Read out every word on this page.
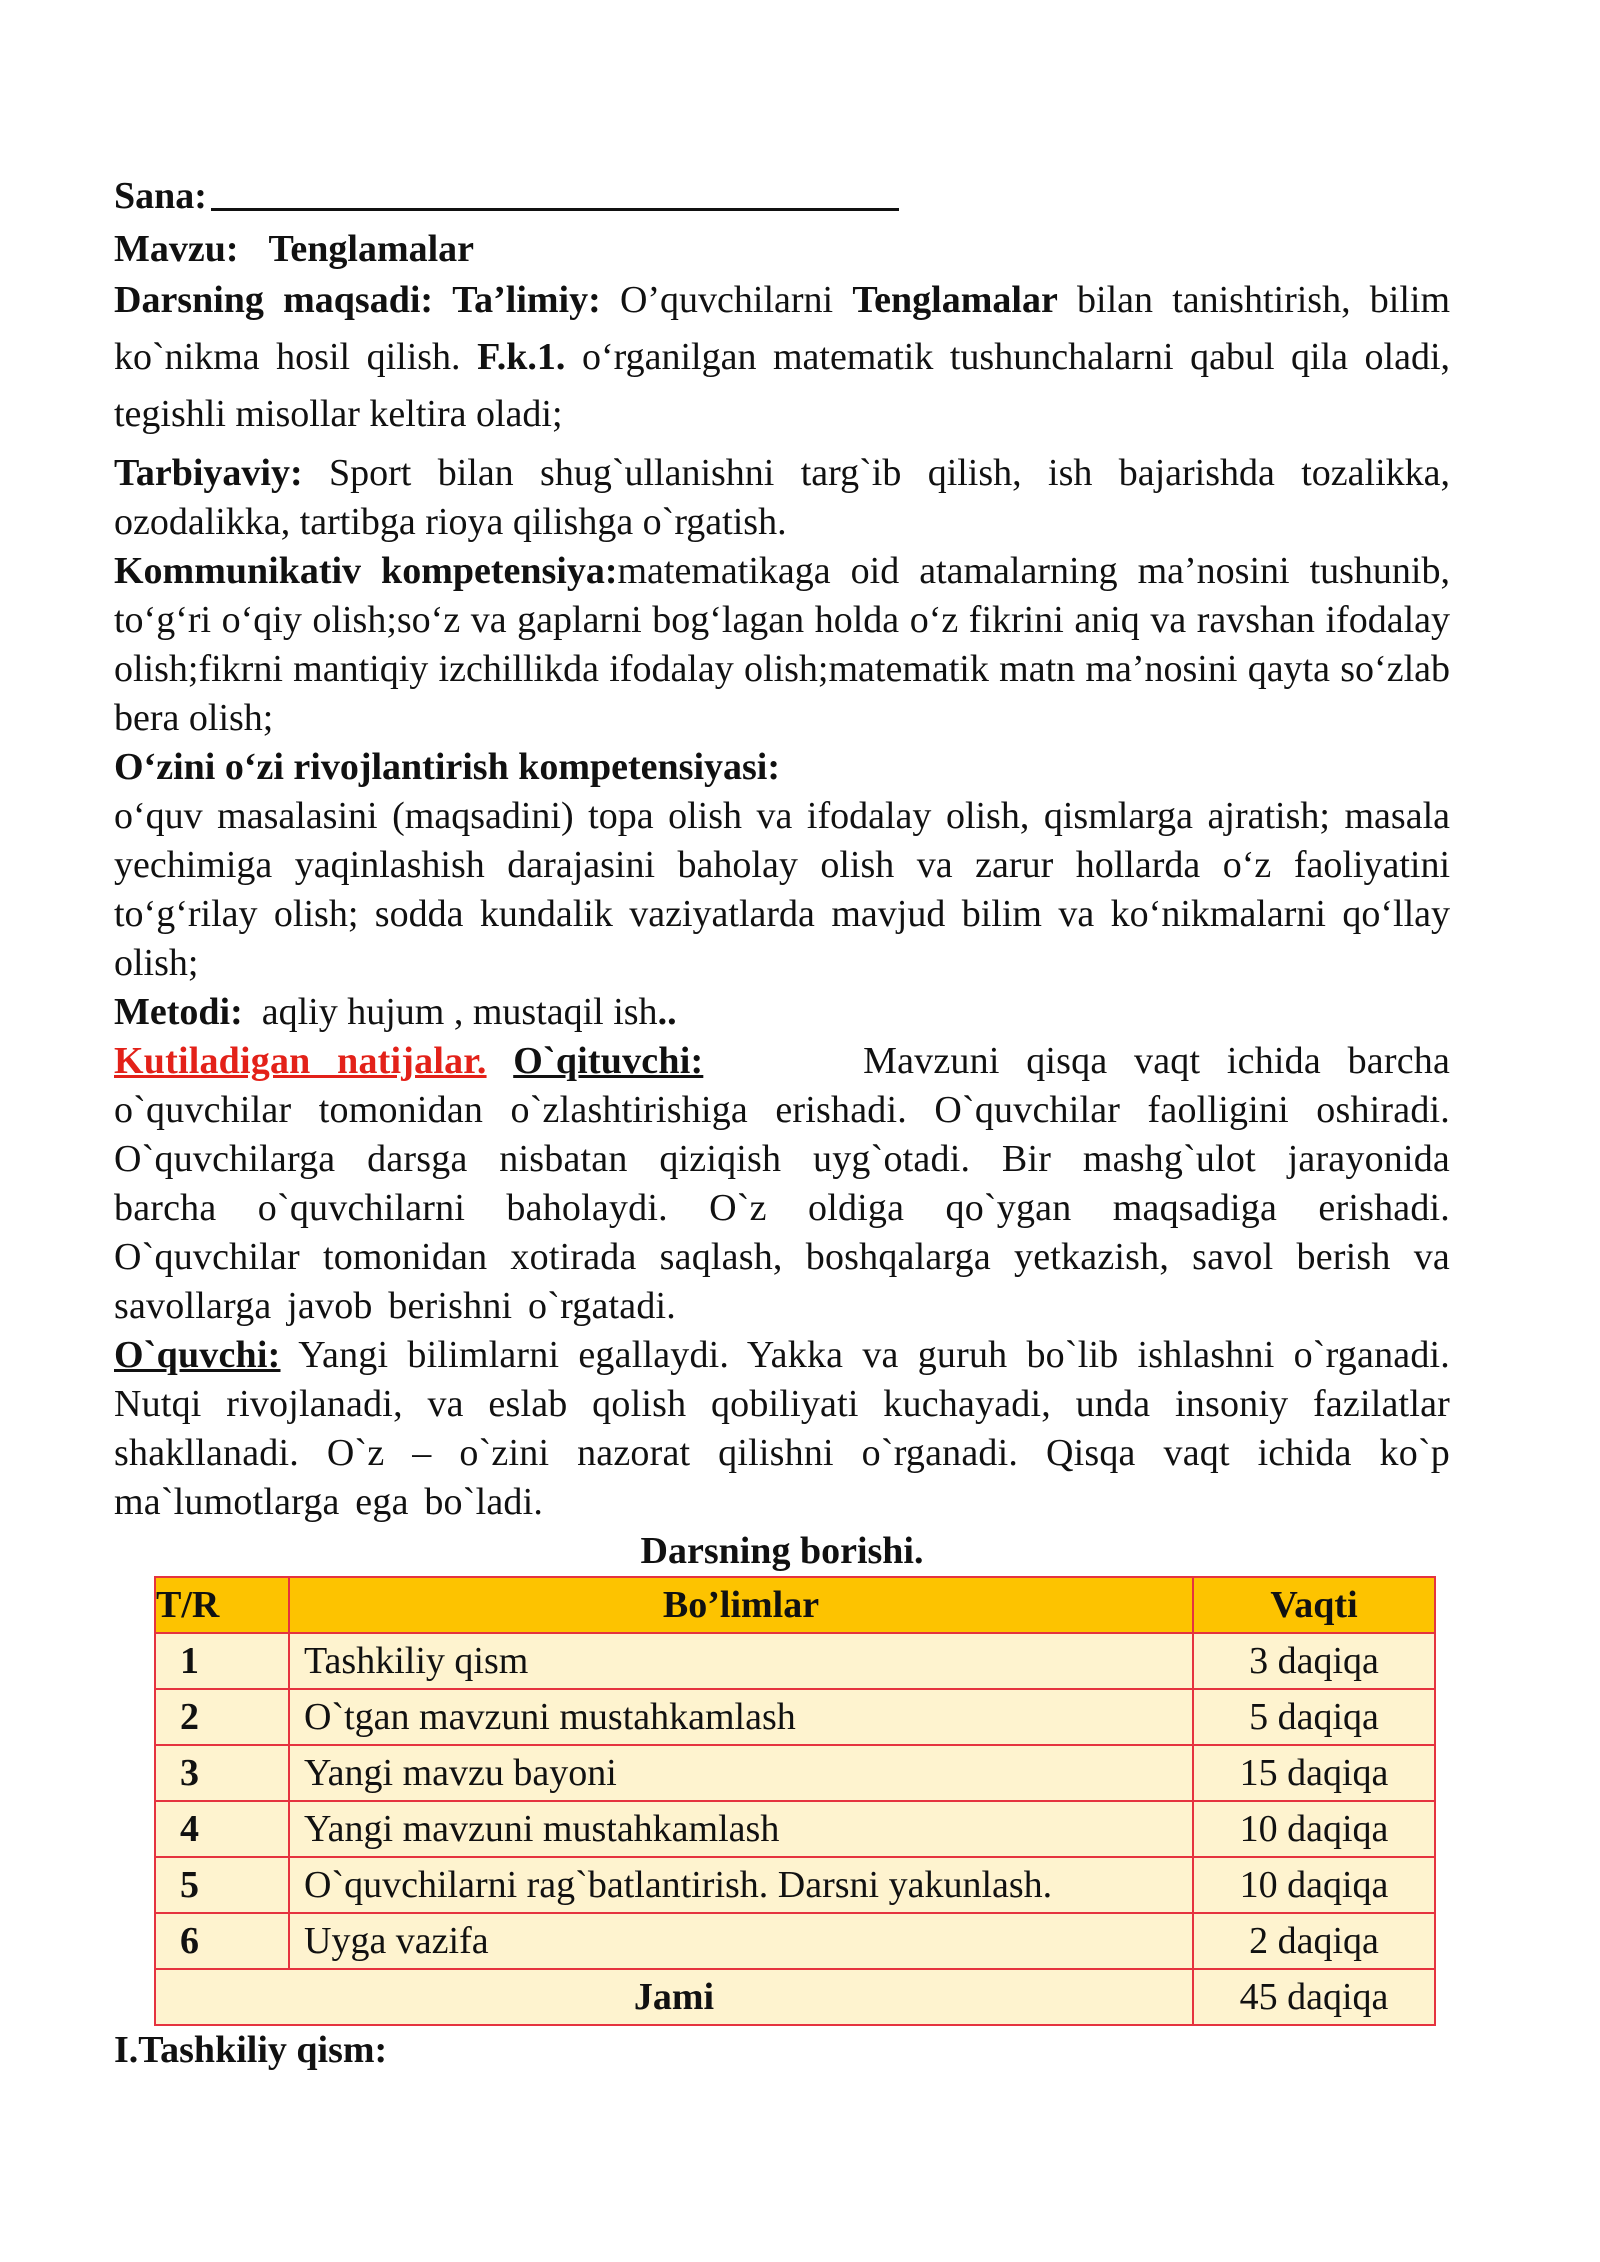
Sana:

Mavzu: Tenglamalar

Darsning maqsadi: Ta’limiy: O’quvchilarni Tenglamalar bilan tanishtirish, bilim ko`nikma hosil qilish. F.k.1. o‘rganilgan matematik tushunchalarni qabul qila oladi, tegishli misollar keltira oladi;

Tarbiyaviy: Sport bilan shug`ullanishni targ`ib qilish, ish bajarishda tozalikka, ozodalikka, tartibga rioya qilishga o`rgatish.

Kommunikativ kompetensiya:matematikaga oid atamalarning ma’nosini tushunib, to‘g‘ri o‘qiy olish;so‘z va gaplarni bog‘lagan holda o‘z fikrini aniq va ravshan ifodalay olish;fikrni mantiqiy izchillikda ifodalay olish;matematik matn ma’nosini qayta so‘zlab bera olish;

O‘zini o‘zi rivojlantirish kompetensiyasi:

o‘quv masalasini (maqsadini) topa olish va ifodalay olish, qismlarga ajratish; masala yechimiga yaqinlashish darajasini baholay olish va zarur hollarda o‘z faoliyatini to‘g‘rilay olish; sodda kundalik vaziyatlarda mavjud bilim va ko‘nikmalarni qo‘llay olish;

Metodi: aqliy hujum , mustaqil ish..

Kutiladigan natijalar. O`qituvchi:	Mavzuni qisqa vaqt ichida barcha o`quvchilar tomonidan o`zlashtirishiga erishadi. O`quvchilar faolligini oshiradi. O`quvchilarga darsga nisbatan qiziqish uyg`otadi. Bir mashg`ulot jarayonida barcha o`quvchilarni baholaydi. O`z oldiga qo`ygan maqsadiga erishadi. O`quvchilar tomonidan xotirada saqlash, boshqalarga yetkazish, savol berish va savollarga javob berishni o`rgatadi.

O`quvchi: Yangi bilimlarni egallaydi. Yakka va guruh bo`lib ishlashni o`rganadi. Nutqi rivojlanadi, va eslab qolish qobiliyati kuchayadi, unda insoniy fazilatlar shakllanadi. O`z – o`zini nazorat qilishni o`rganadi. Qisqa vaqt ichida ko`p ma`lumotlarga ega bo`ladi.

Darsning borishi.

T/R	Bo’limlar	Vaqti
1	Tashkiliy qism	3 daqiqa
2	O`tgan mavzuni mustahkamlash	5 daqiqa
3	Yangi mavzu bayoni	15 daqiqa
4	Yangi mavzuni mustahkamlash	10 daqiqa
5	O`quvchilarni rag`batlantirish. Darsni yakunlash.	10 daqiqa
6	Uyga vazifa	2 daqiqa
Jami		45 daqiqa

I.Tashkiliy qism:
